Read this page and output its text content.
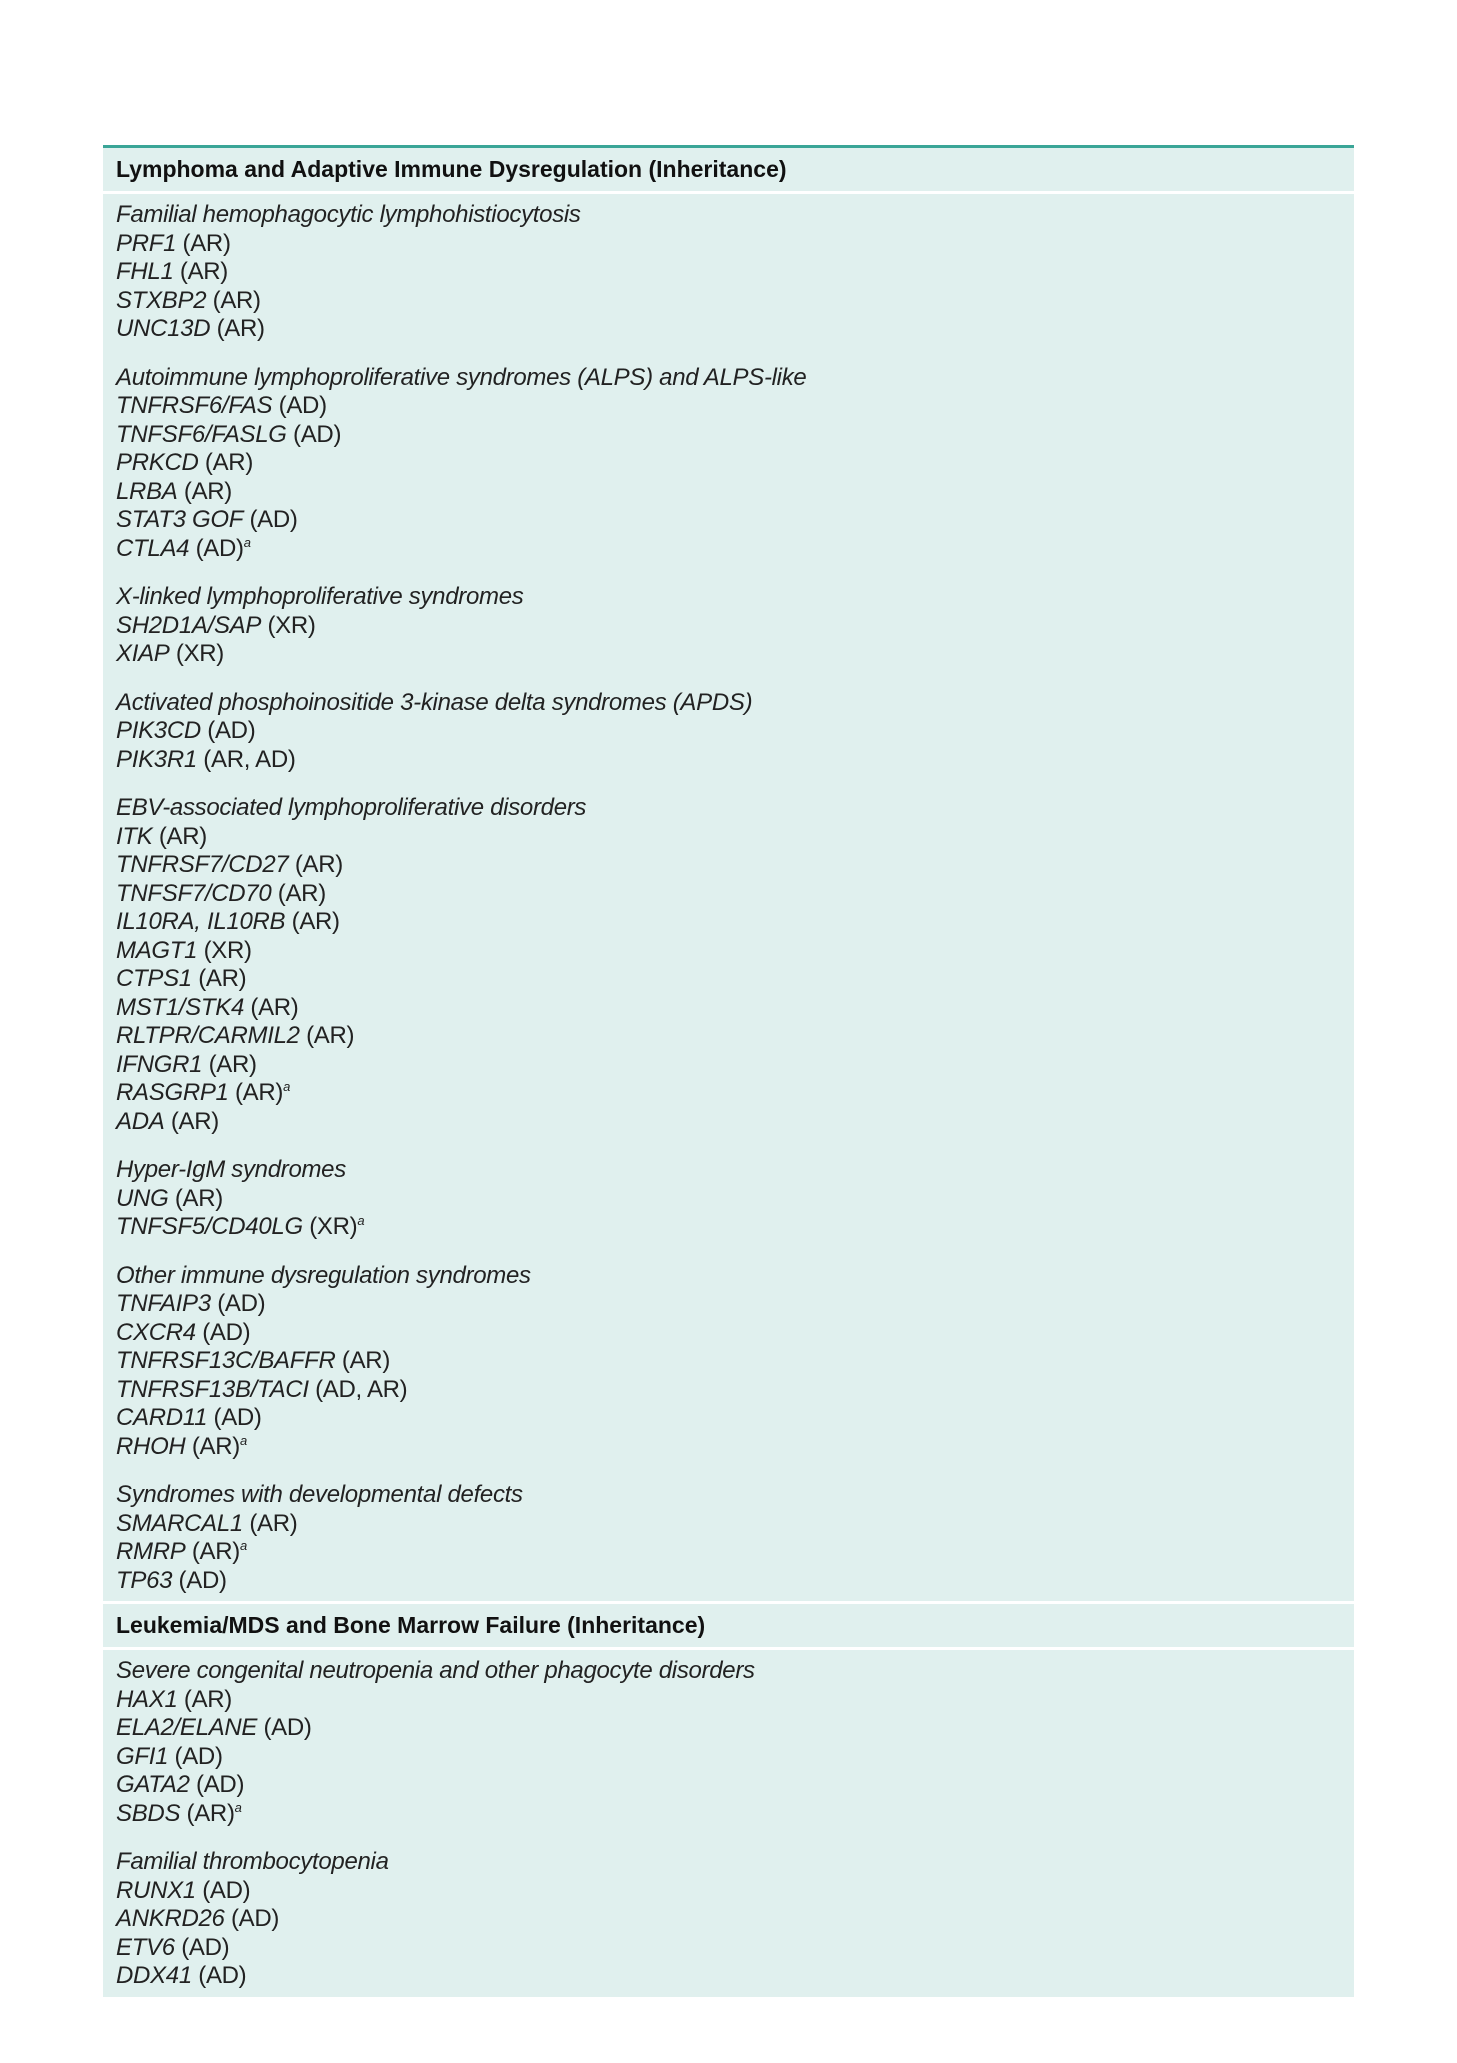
Lymphoma and Adaptive Immune Dysregulation (Inheritance)
Familial hemophagocytic lymphohistiocytosis
PRF1 (AR)
FHL1 (AR)
STXBP2 (AR)
UNC13D (AR)
Autoimmune lymphoproliferative syndromes (ALPS) and ALPS-like
TNFRSF6/FAS (AD)
TNFSF6/FASLG (AD)
PRKCD (AR)
LRBA (AR)
STAT3 GOF (AD)
CTLA4 (AD)$^a$
X-linked lymphoproliferative syndromes
SH2D1A/SAP (XR)
XIAP (XR)
Activated phosphoinositide 3-kinase delta syndromes (APDS)
PIK3CD (AD)
PIK3R1 (AR, AD)
EBV-associated lymphoproliferative disorders
ITK (AR)
TNFRSF7/CD27 (AR)
TNFSF7/CD70 (AR)
IL10RA, IL10RB (AR)
MAGT1 (XR)
CTPS1 (AR)
MST1/STK4 (AR)
RLTPR/CARMIL2 (AR)
IFNGR1 (AR)
RASGRP1 (AR)$^a$
ADA (AR)
Hyper-IgM syndromes
UNG (AR)
TNFSF5/CD40LG (XR)$^a$
Other immune dysregulation syndromes
TNFAIP3 (AD)
CXCR4 (AD)
TNFRSF13C/BAFFR (AR)
TNFRSF13B/TACI (AD, AR)
CARD11 (AD)
RHOH (AR)$^a$
Syndromes with developmental defects
SMARCAL1 (AR)
RMRP (AR)$^a$
TP63 (AD)
Leukemia/MDS and Bone Marrow Failure (Inheritance)
Severe congenital neutropenia and other phagocyte disorders
HAX1 (AR)
ELA2/ELANE (AD)
GFI1 (AD)
GATA2 (AD)
SBDS (AR)$^a$
Familial thrombocytopenia
RUNX1 (AD)
ANKRD26 (AD)
ETV6 (AD)
DDX41 (AD)
